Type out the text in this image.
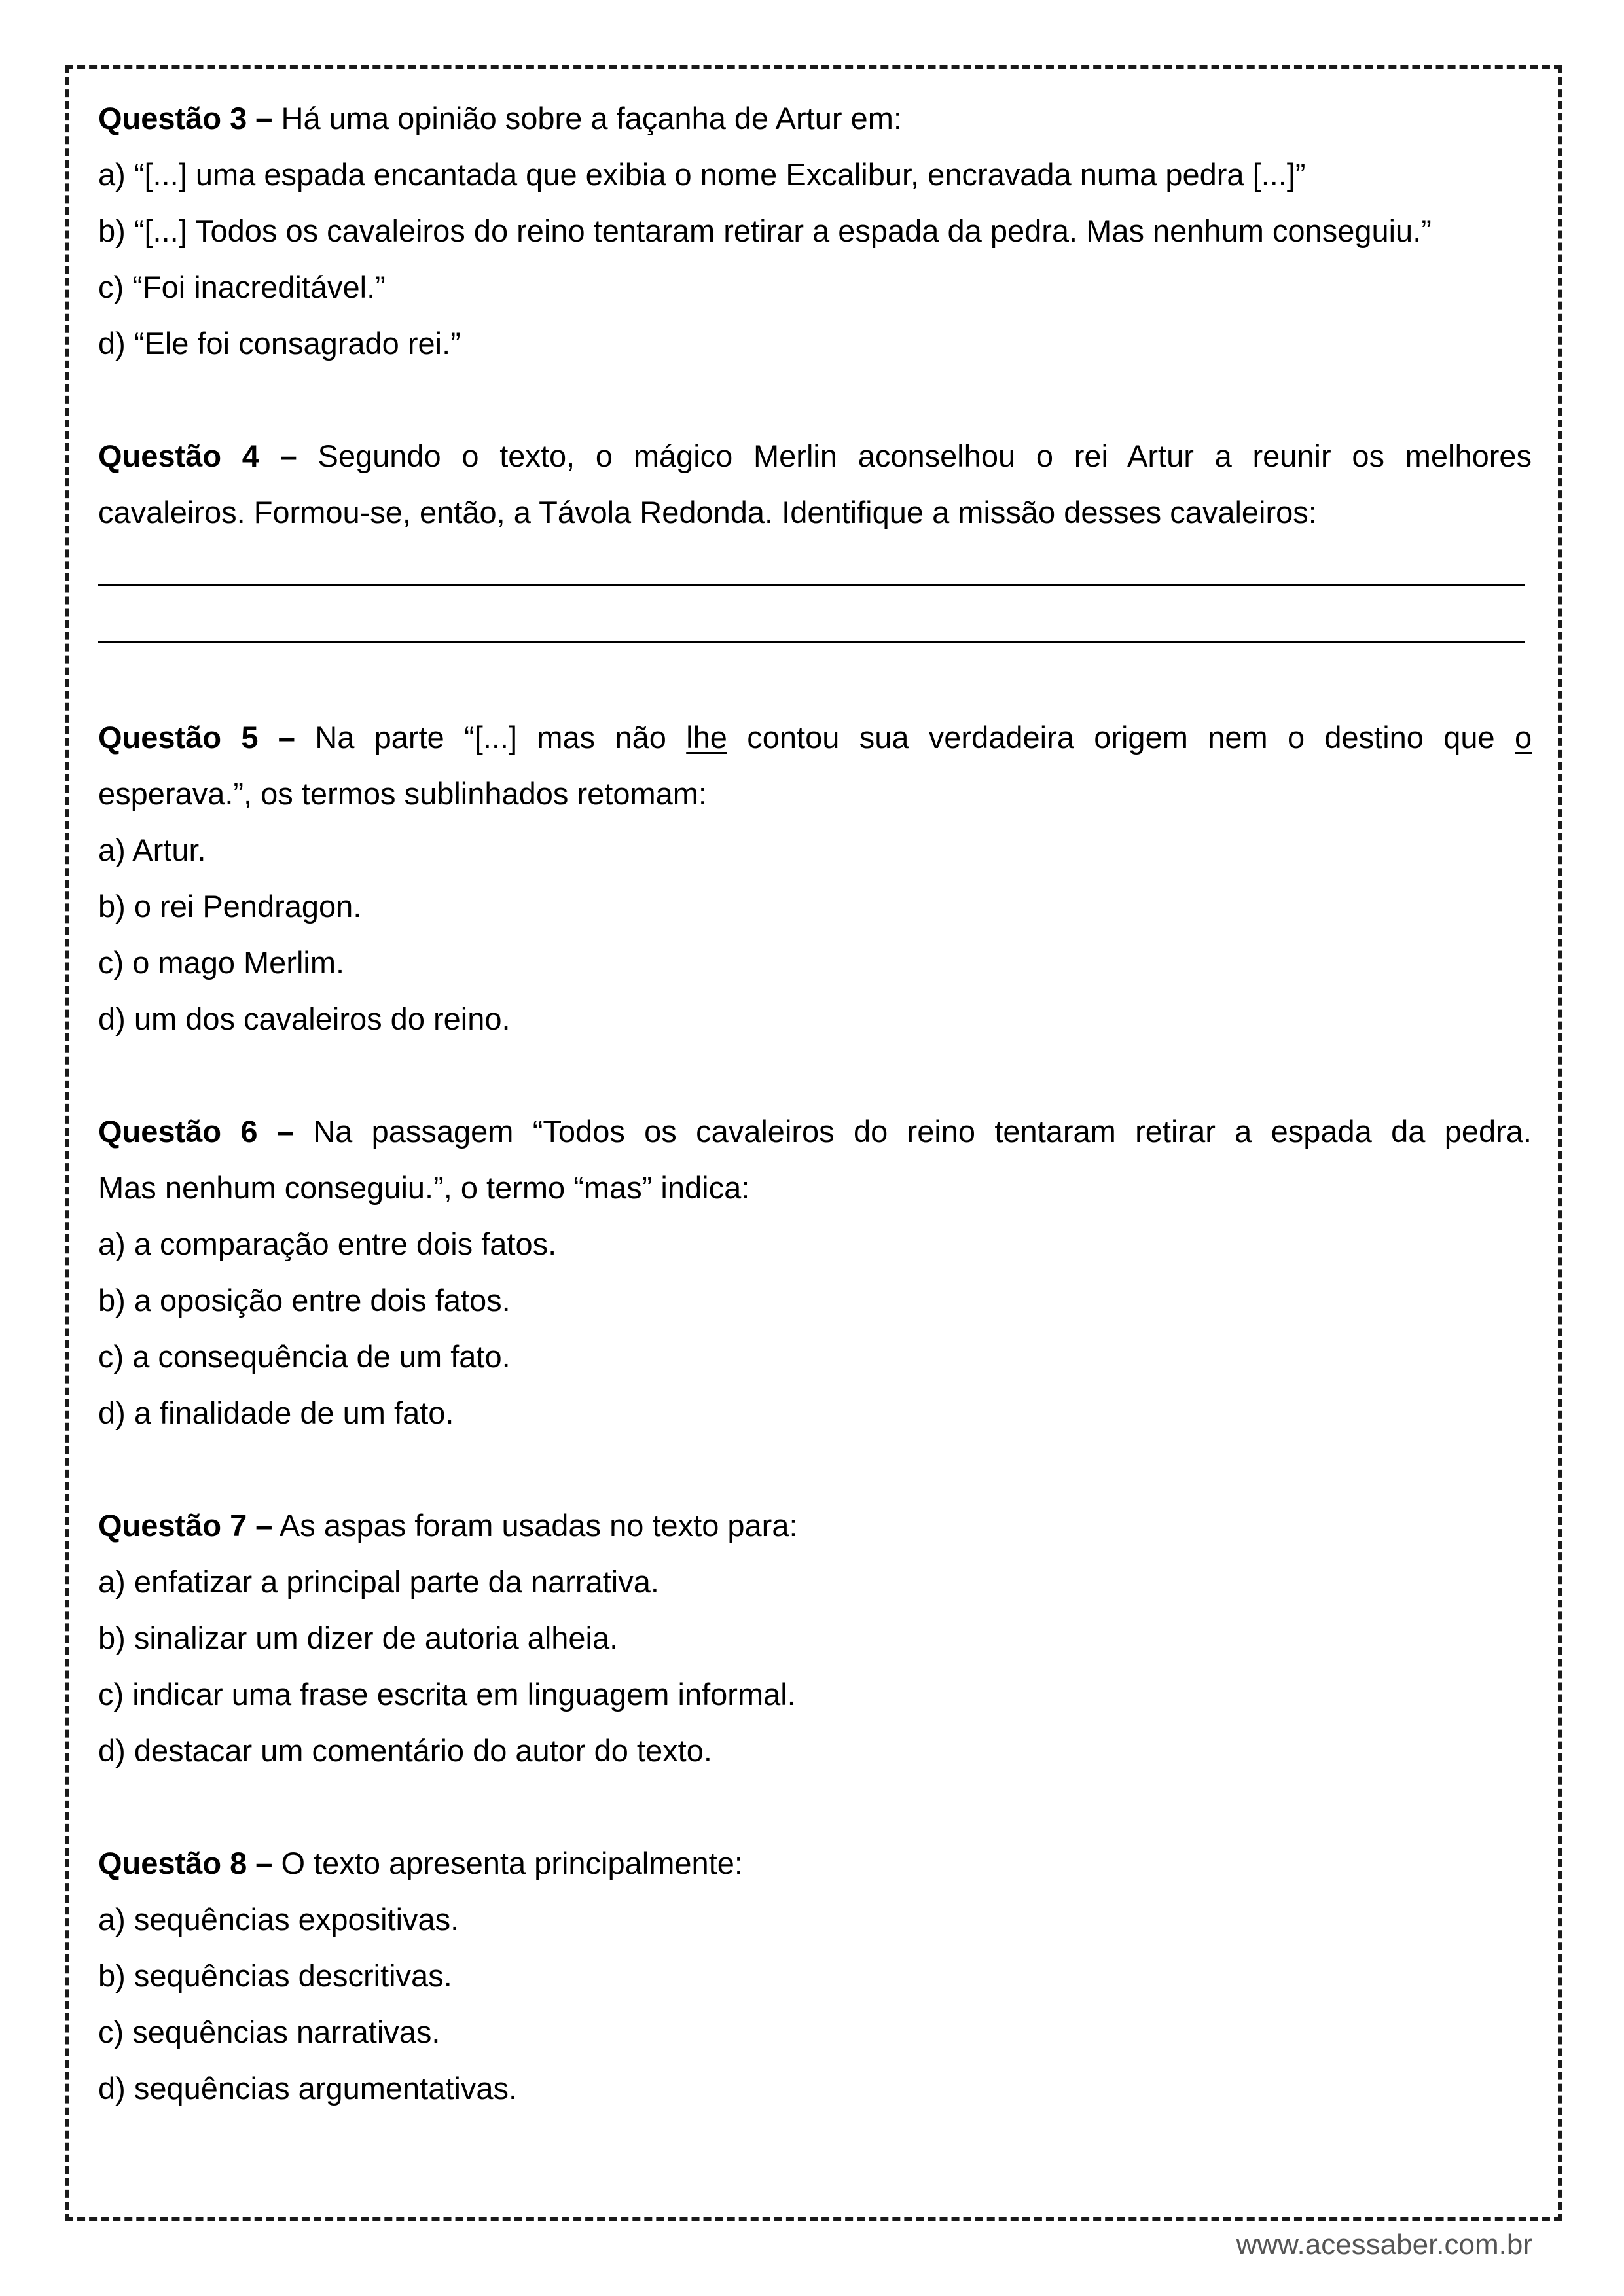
Questão 3 – Há uma opinião sobre a façanha de Artur em:
a) “[...] uma espada encantada que exibia o nome Excalibur, encravada numa pedra [...]”
b) “[...] Todos os cavaleiros do reino tentaram retirar a espada da pedra. Mas nenhum conseguiu.”
c) “Foi inacreditável.”
d) “Ele foi consagrado rei.”
Questão 4 – Segundo o texto, o mágico Merlin aconselhou o rei Artur a reunir os melhores
cavaleiros. Formou-se, então, a Távola Redonda. Identifique a missão desses cavaleiros:
Questão 5 – Na parte “[...] mas não lhe contou sua verdadeira origem nem o destino que o
esperava.”, os termos sublinhados retomam:
a) Artur.
b) o rei Pendragon.
c) o mago Merlim.
d) um dos cavaleiros do reino.
Questão 6 – Na passagem “Todos os cavaleiros do reino tentaram retirar a espada da pedra.
Mas nenhum conseguiu.”, o termo “mas” indica:
a) a comparação entre dois fatos.
b) a oposição entre dois fatos.
c) a consequência de um fato.
d) a finalidade de um fato.
Questão 7 – As aspas foram usadas no texto para:
a) enfatizar a principal parte da narrativa.
b) sinalizar um dizer de autoria alheia.
c) indicar uma frase escrita em linguagem informal.
d) destacar um comentário do autor do texto.
Questão 8 – O texto apresenta principalmente:
a) sequências expositivas.
b) sequências descritivas.
c) sequências narrativas.
d) sequências argumentativas.
www.acessaber.com.br
